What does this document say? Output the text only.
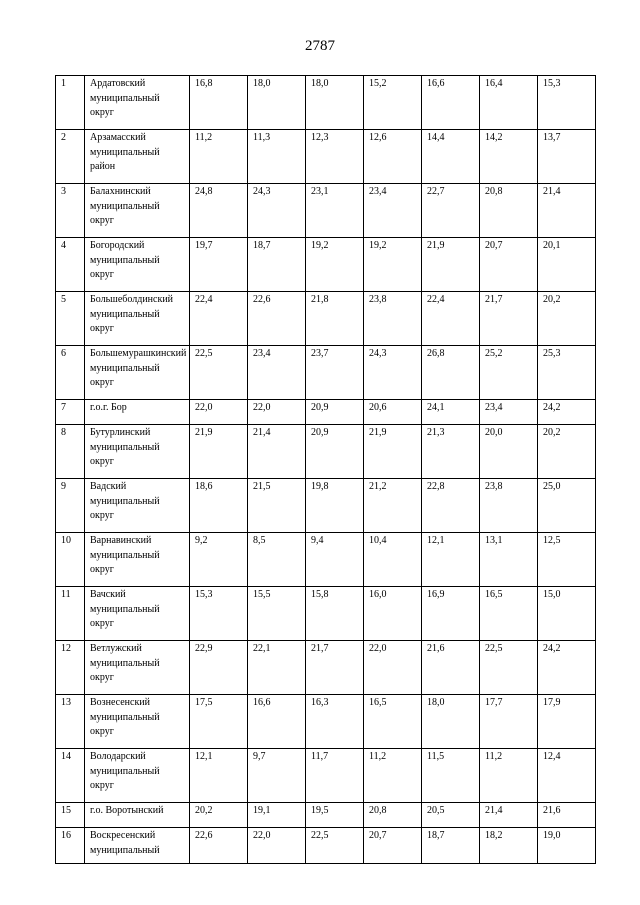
2787
1	Ардатовский муниципальный округ	16,8	18,0	18,0	15,2	16,6	16,4	15,3
2	Арзамасский муниципальный район	11,2	11,3	12,3	12,6	14,4	14,2	13,7
3	Балахнинский муниципальный округ	24,8	24,3	23,1	23,4	22,7	20,8	21,4
4	Богородский муниципальный округ	19,7	18,7	19,2	19,2	21,9	20,7	20,1
5	Большеболдинский муниципальный округ	22,4	22,6	21,8	23,8	22,4	21,7	20,2
6	Большемурашкинский муниципальный округ	22,5	23,4	23,7	24,3	26,8	25,2	25,3
7	г.о.г. Бор	22,0	22,0	20,9	20,6	24,1	23,4	24,2
8	Бутурлинский муниципальный округ	21,9	21,4	20,9	21,9	21,3	20,0	20,2
9	Вадский муниципальный округ	18,6	21,5	19,8	21,2	22,8	23,8	25,0
10	Варнавинский муниципальный округ	9,2	8,5	9,4	10,4	12,1	13,1	12,5
11	Вачский муниципальный округ	15,3	15,5	15,8	16,0	16,9	16,5	15,0
12	Ветлужский муниципальный округ	22,9	22,1	21,7	22,0	21,6	22,5	24,2
13	Вознесенский муниципальный округ	17,5	16,6	16,3	16,5	18,0	17,7	17,9
14	Володарский муниципальный округ	12,1	9,7	11,7	11,2	11,5	11,2	12,4
15	г.о. Воротынский	20,2	19,1	19,5	20,8	20,5	21,4	21,6
16	Воскресенский муниципальный	22,6	22,0	22,5	20,7	18,7	18,2	19,0
